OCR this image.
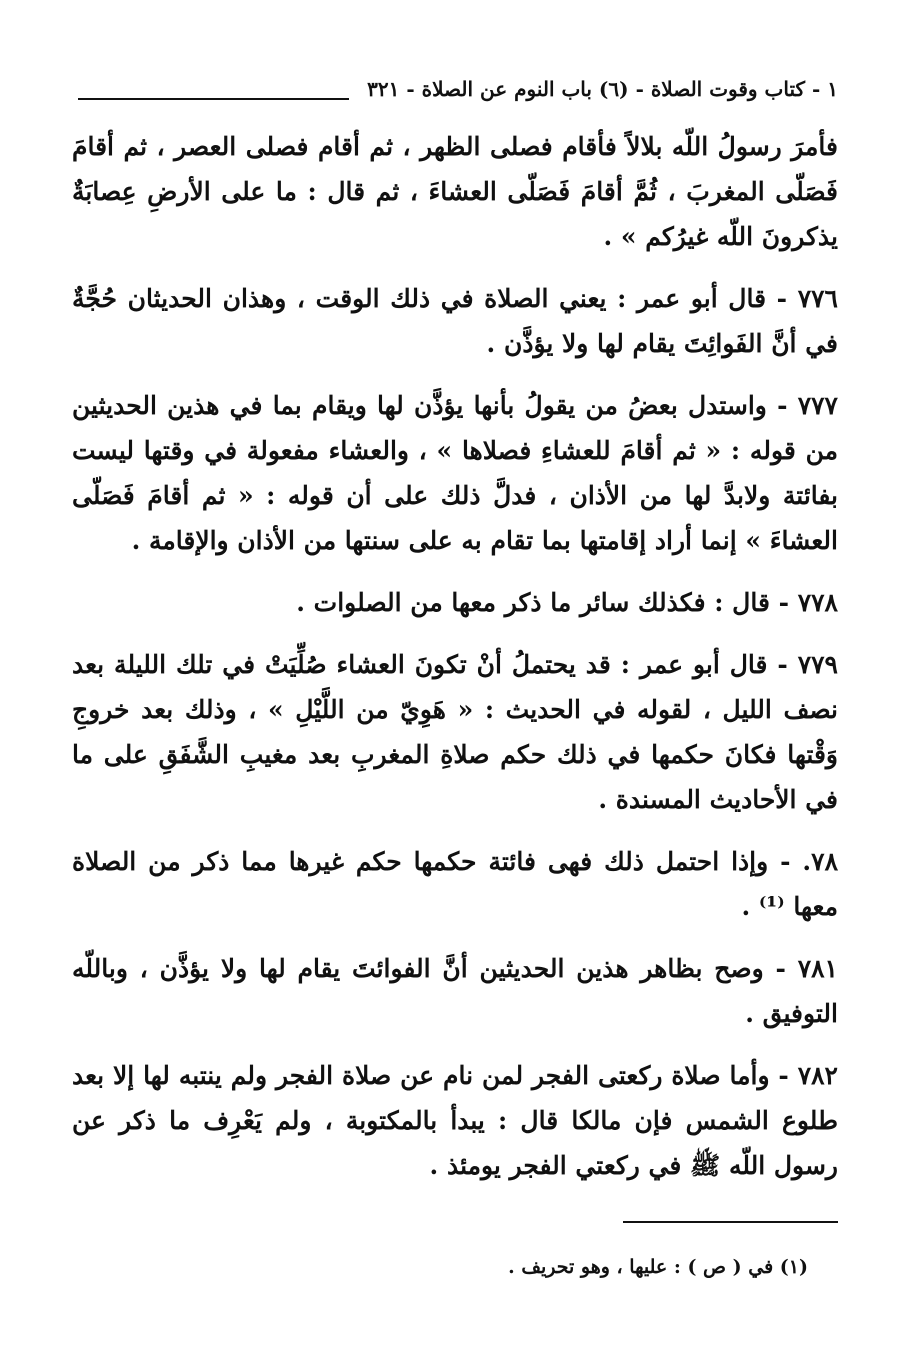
١ - كتاب وقوت الصلاة - (٦) باب النوم عن الصلاة - ٣٢١

فأمرَ رسولُ اللّه بلالاً فأقام فصلى الظهر ، ثم أقام فصلى العصر ، ثم أقامَ فَصَلّى المغربَ ، ثُمَّ أقامَ فَصَلّى العشاءَ ، ثم قال : ما على الأرضِ عِصابَةٌ يذكرونَ اللّه غيرُكم » .

٧٧٦ - قال أبو عمر : يعني الصلاة في ذلك الوقت ، وهذان الحديثان حُجَّةٌ في أنَّ الفَوائِتَ يقام لها ولا يؤذَّن .

٧٧٧ - واستدل بعضُ من يقولُ بأنها يؤذَّن لها ويقام بما في هذين الحديثين من قوله : « ثم أقامَ للعشاءِ فصلاها » ، والعشاء مفعولة في وقتها ليست بفائتة ولابدَّ لها من الأذان ، فدلَّ ذلك على أن قوله : « ثم أقامَ فَصَلّى العشاءَ » إنما أراد إقامتها بما تقام به على سنتها من الأذان والإقامة .

٧٧٨ - قال : فكذلك سائر ما ذكر معها من الصلوات .

٧٧٩ - قال أبو عمر : قد يحتملُ أنْ تكونَ العشاء صُلِّيَتْ في تلك الليلة بعد نصف الليل ، لقوله في الحديث : « هَوِيّ من اللَّيْلِ » ، وذلك بعد خروجِ وَقْتها فكانَ حكمها في ذلك حكم صلاةِ المغربِ بعد مغيبِ الشَّفَقِ على ما في الأحاديث المسندة .

٧٨. - وإذا احتمل ذلك فهى فائتة حكمها حكم غيرها مما ذكر من الصلاة معها ⁽¹⁾ .

٧٨١ - وصح بظاهر هذين الحديثين أنَّ الفوائتَ يقام لها ولا يؤذَّن ، وباللّه التوفيق .

٧٨٢ - وأما صلاة ركعتى الفجر لمن نام عن صلاة الفجر ولم ينتبه لها إلا بعد طلوع الشمس فإن مالكا قال : يبدأ بالمكتوبة ، ولم يَعْرِف ما ذكر عن رسول اللّه ﷺ في ركعتي الفجر يومئذ .

(١) في ( ص ) : عليها ، وهو تحريف .
